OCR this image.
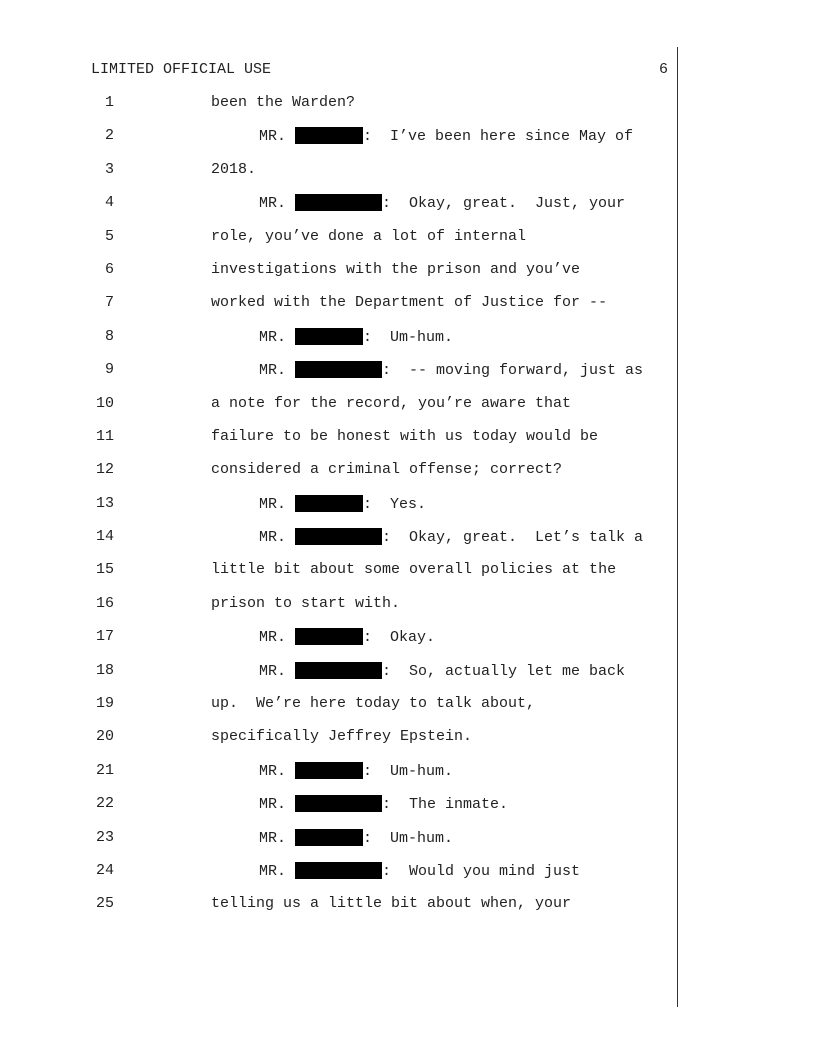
LIMITED OFFICIAL USE	6
1	been the Warden?
2	MR.	:  I’ve been here since May of
3	2018.
4	MR.	:  Okay, great.  Just, your
5	role, you’ve done a lot of internal
6	investigations with the prison and you’ve
7	worked with the Department of Justice for --
8	MR.	:  Um-hum.
9	MR.	:  -- moving forward, just as
10	a note for the record, you’re aware that
11	failure to be honest with us today would be
12	considered a criminal offense; correct?
13	MR.	:  Yes.
14	MR.	:  Okay, great.  Let’s talk a
15	little bit about some overall policies at the
16	prison to start with.
17	MR.	:  Okay.
18	MR.	:  So, actually let me back
19	up.  We’re here today to talk about,
20	specifically Jeffrey Epstein.
21	MR.	:  Um-hum.
22	MR.	:  The inmate.
23	MR.	:  Um-hum.
24	MR.	:  Would you mind just
25	telling us a little bit about when, your
